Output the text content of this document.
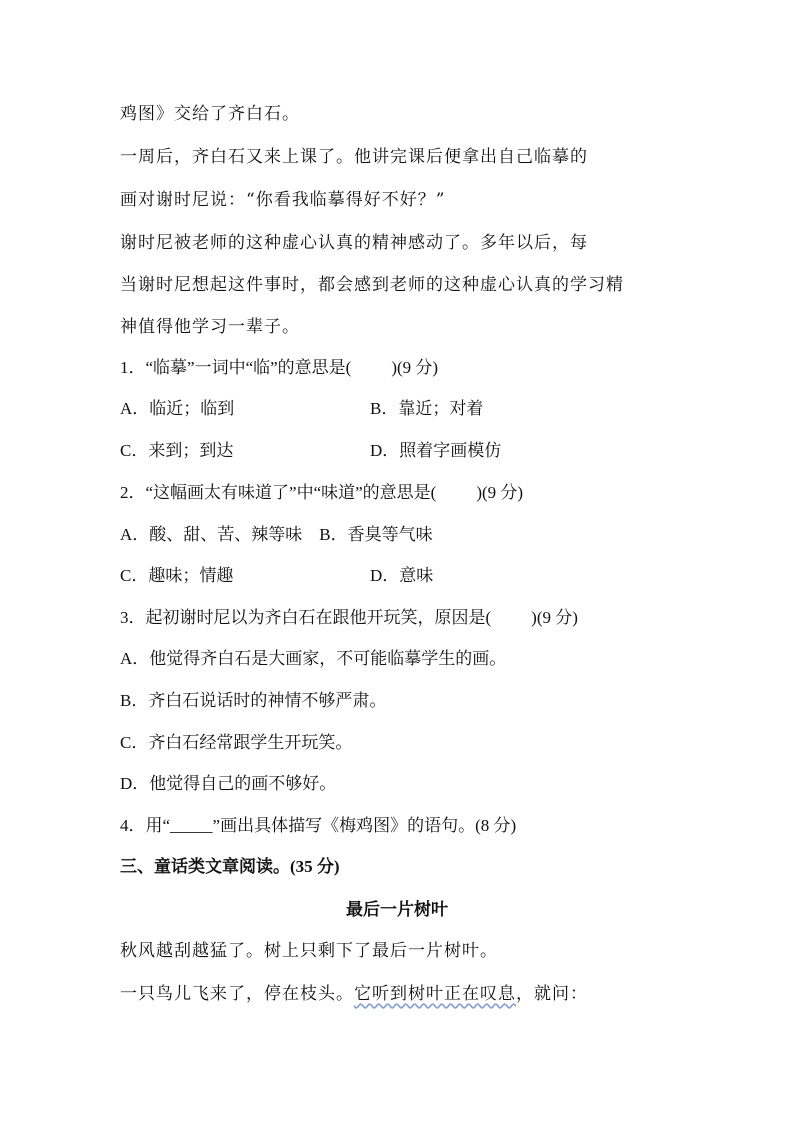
鸡图》交给了齐白石。
一周后，齐白石又来上课了。他讲完课后便拿出自己临摹的
画对谢时尼说：“你看我临摹得好不好？”
谢时尼被老师的这种虚心认真的精神感动了。多年以后，每
当谢时尼想起这件事时，都会感到老师的这种虚心认真的学习精
神值得他学习一辈子。
1．“临摹”一词中“临”的意思是( )(9 分)
A．临近；临到	B．靠近；对着
C．来到；到达	D．照着字画模仿
2．“这幅画太有味道了”中“味道”的意思是( )(9 分)
A．酸、甜、苦、辣等味 B．香臭等气味
C．趣味；情趣	D．意味
3．起初谢时尼以为齐白石在跟他开玩笑，原因是( )(9 分)
A．他觉得齐白石是大画家，不可能临摹学生的画。
B．齐白石说话时的神情不够严肃。
C．齐白石经常跟学生开玩笑。
D．他觉得自己的画不够好。
4．用“_____”画出具体描写《梅鸡图》的语句。(8 分)
三、童话类文章阅读。(35 分)
最后一片树叶
秋风越刮越猛了。树上只剩下了最后一片树叶。
一只鸟儿飞来了，停在枝头。它听到树叶正在叹息，就问：
